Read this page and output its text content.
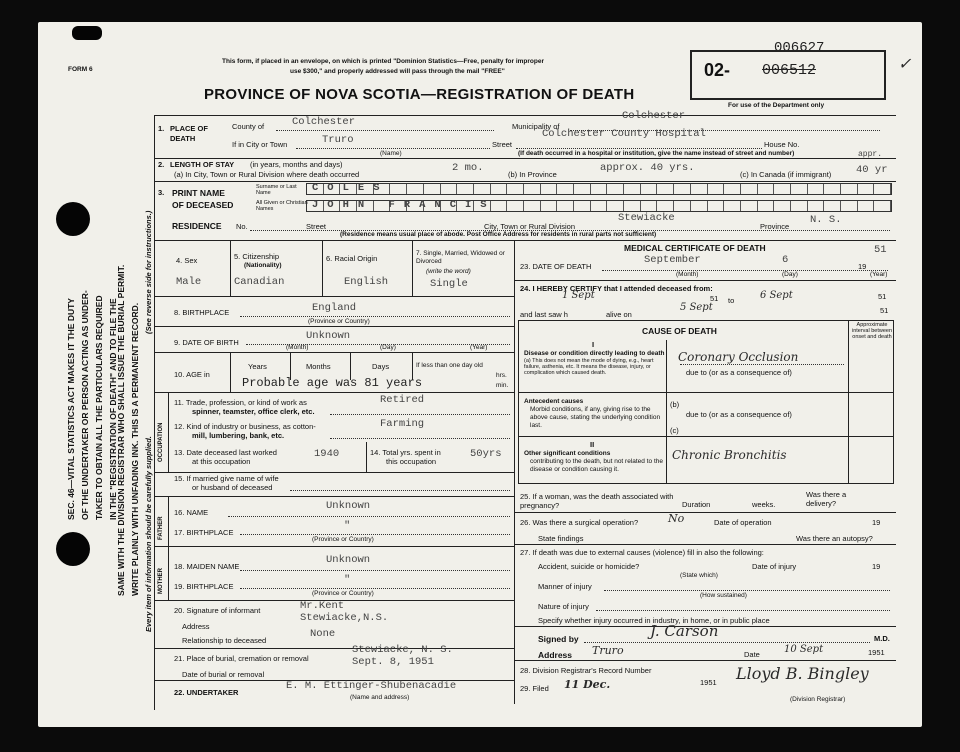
FORM 6
This form, if placed in an envelope, on which is printed "Dominion Statistics—Free, penalty for improper
use $300," and properly addressed will pass through the mail "FREE"
PROVINCE OF NOVA SCOTIA—REGISTRATION OF DEATH
006627
02- 006512
For use of the Department only
✓
SEC. 46—VITAL STATISTICS ACT MAKES IT THE DUTY OF THE UNDERTAKER OR PERSON ACTING AS UNDER- TAKER TO OBTAIN ALL THE PARTICULARS REQUIRED IN THE "REGISTRATION OF DEATH" AND TO FILE THE
SAME WITH THE DIVISION REGISTRAR WHO SHALL ISSUE THE BURIAL PERMIT. WRITE PLAINLY WITH UNFADING INK. THIS IS A PERMANENT RECORD. Every item of information should be carefully supplied.
(See reverse side for instructions.)
1. PLACE OF DEATH
County of	Colchester	Municipality of
Colchester
If in City or Town	Truro
(Name)
Street
Colchester County Hospital
House No.
(If death occurred in a hospital or institution, give the name instead of street and number)
2. LENGTH OF STAY (in years, months and days)
(a) In City, Town or Rural Division where death occurred
2 mo.
(b) In Province
approx. 40 yrs.
(c) In Canada (if immigrant) 40 yr
appr.
3. PRINT NAME
OF DECEASED
Surname or Last Name	COLES
All Given or Christian Names	JOHN FRANCIS
RESIDENCE No.	Street	City, Town or Rural Division
Stewiacke
Province
N. S.
(Residence means usual place of abode. Post Office Address for residents in rural parts not sufficient)
4. Sex
Male
5. Citizenship
(Nationality)
Canadian
6. Racial Origin
English
7. Single, Married, Widowed or Divorced
(write the word)
Single
8. BIRTHPLACE	England
(Province or Country)
9. DATE OF BIRTH
Unknown
(Month)	(Day)	(Year)
10. AGE in
Years	Months	Days	If less than one day old
hrs.
Probable age was 81 years	min.
OCCUPATION
11. Trade, profession, or kind of work as
spinner, teamster, office clerk, etc.
Retired
12. Kind of industry or business, as cotton-
mill, lumbering, bank, etc.
Farming
13. Date deceased last worked
at this occupation
1940	14. Total yrs. spent in
this occupation
50yrs
15. If married give name of wife
or husband of deceased
FATHER
16. NAME
Unknown
17. BIRTHPLACE
"
(Province or Country)
MOTHER
18. MAIDEN NAME
Unknown
19. BIRTHPLACE
"
(Province or Country)
20. Signature of informant	Mr.Kent
Address
Stewiacke,N.S.
Relationship to deceased
None
21. Place of burial, cremation or removal
Stewiacke, N. S.
Sept. 8, 1951
Date of burial or removal
22. UNDERTAKER
E. M. Ettinger-Shubenacadie
(Name and address)
MEDICAL CERTIFICATE OF DEATH
23. DATE OF DEATH
September	6
19
51
(Month)	(Day)	(Year)
24. I HEREBY CERTIFY that I attended deceased from:
1 Sept	51 to	6 Sept	51
and last saw h	alive on
5 Sept	51
CAUSE OF DEATH
Approximate interval between onset and death
I
Disease or condition directly leading to death
(a) This does not mean the mode of dying, e.g., heart failure, asthenia, etc. It means the disease, injury, or complication which caused death.
Coronary Occlusion
due to (or as a consequence of)
Antecedent causes
Morbid conditions, if any, giving rise to the above cause, stating the underlying condition last.
(b)
due to (or as a consequence of)
(c)
II
Other significant conditions
contributing to the death, but not related to the disease or condition causing it.
Chronic Bronchitis
25. If a woman, was the death associated with pregnancy?	Duration	weeks.
Was there a delivery?
26. Was there a surgical operation?	No	Date of operation	19
State findings	Was there an autopsy?
27. If death was due to external causes (violence) fill in also the following:
Accident, suicide or homicide?	Date of injury	19
(State which)
Manner of injury
(How sustained)
Nature of injury
Specify whether injury occurred in industry, in home, or in public place
Signed by	J. Carson	M.D.
Address Truro	Date 10 Sept	1951
28. Division Registrar's Record Number
29. Filed 11 Dec.	1951 Lloyd B. Bingley
(Division Registrar)
